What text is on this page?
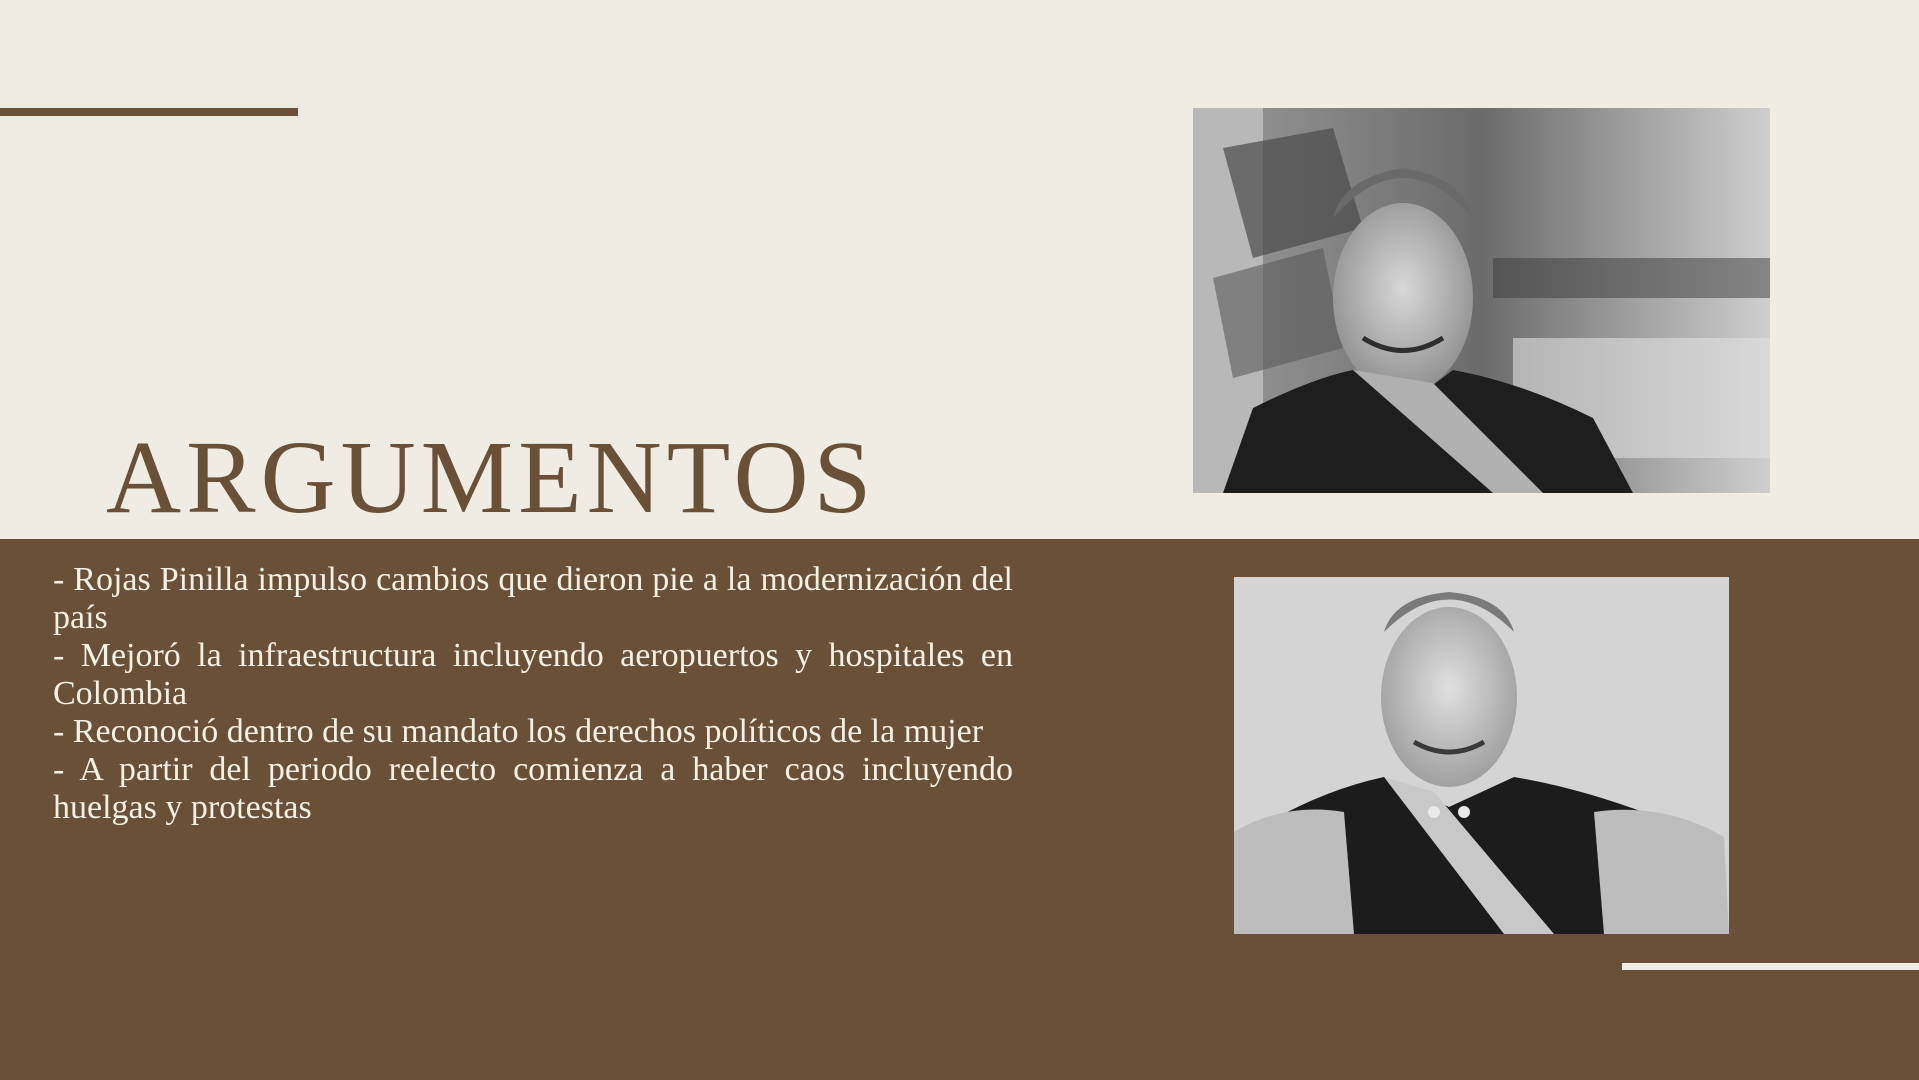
ARGUMENTOS
- Rojas Pinilla impulso cambios que dieron pie a la modernización del país
- Mejoró la infraestructura incluyendo aeropuertos y hospitales en Colombia
- Reconoció dentro de su mandato los derechos políticos de la mujer
- A partir del periodo reelecto comienza a haber caos incluyendo huelgas y protestas
